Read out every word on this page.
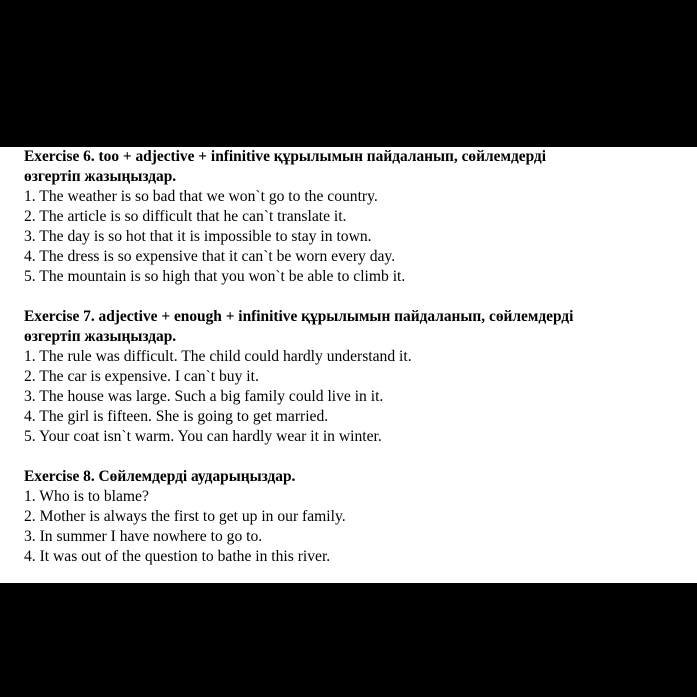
Exercise 6. too + adjective + infinitive құрылымын пайдаланып, сөйлемдерді
өзгертіп жазыңыздар.

1. The weather is so bad that we won`t go to the country.

2. The article is so difficult that he can`t translate it.

3. The day is so hot that it is impossible to stay in town.

4. The dress is so expensive that it can`t be worn every day.

5. The mountain is so high that you won`t be able to climb it.

Exercise 7. adjective + enough + infinitive құрылымын пайдаланып, сөйлемдерді
өзгертіп жазыңыздар.

1. The rule was difficult. The child could hardly understand it.

2. The car is expensive. I can`t buy it.

3. The house was large. Such a big family could live in it.

4. The girl is fifteen. She is going to get married.

5. Your coat isn`t warm. You can hardly wear it in winter.

Exercise 8. Сөйлемдерді аударыңыздар.

1. Who is to blame?

2. Mother is always the first to get up in our family.

3. In summer I have nowhere to go to.

4. It was out of the question to bathe in this river.
